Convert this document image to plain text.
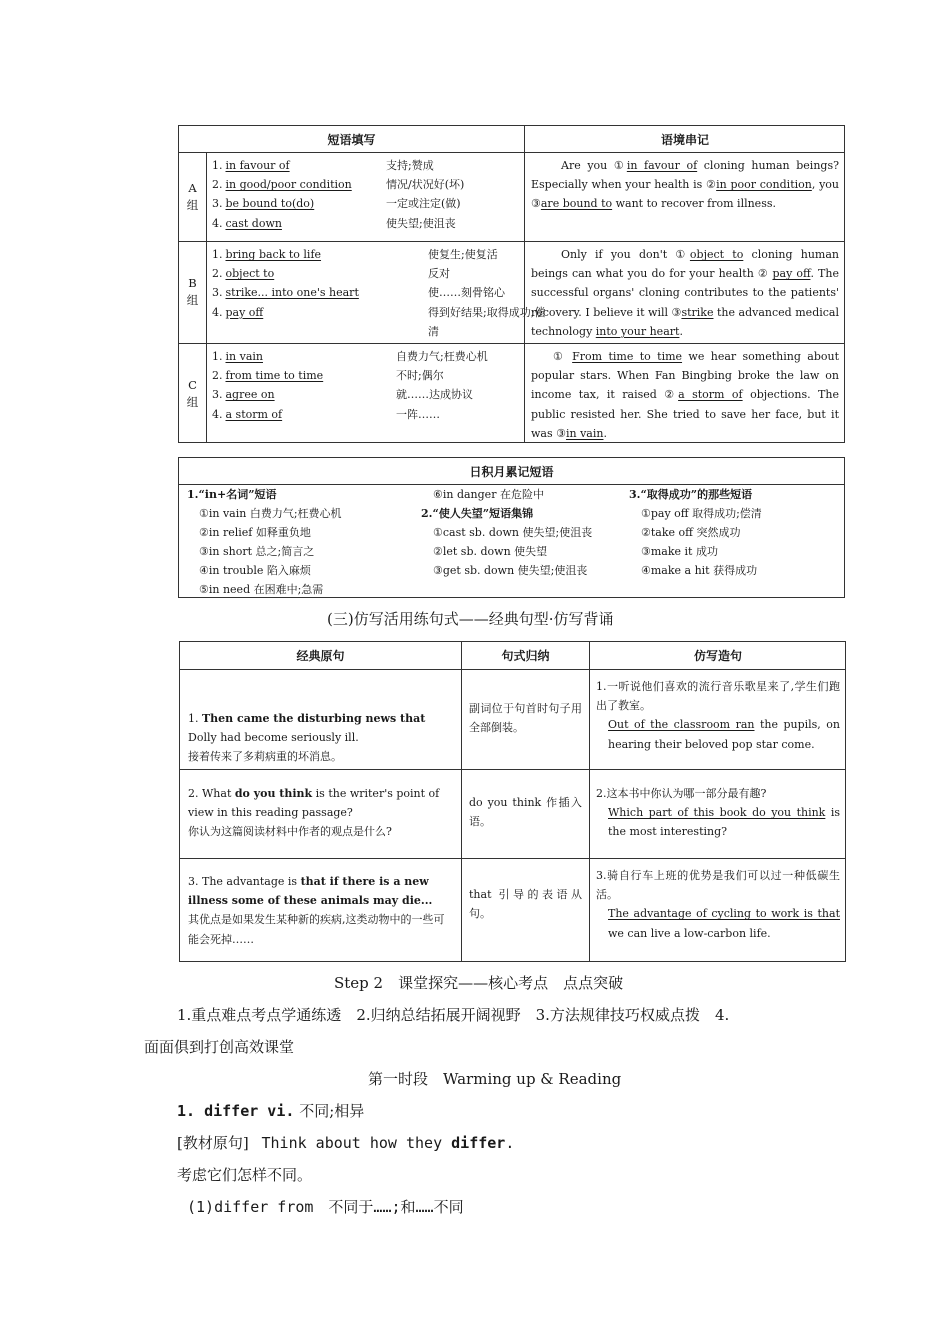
短语填写	语境串记
A组
1. in favour of	支持;赞成
2. in good/poor condition	情况/状况好(坏)
3. be bound to(do)	一定或注定(做)
4. cast down	使失望;使沮丧
Are you ①in favour of cloning human beings? Especially when your health is ②in poor condition, you ③are bound to want to recover from illness.
B组
1. bring back to life	使复生;使复活
2. object to	反对
3. strike... into one's heart	使……刻骨铭心
4. pay off	得到好结果;取得成功;偿清
Only if you don't ①object to cloning human beings can what you do for your health ② pay off. The successful organs' cloning contributes to the patients' recovery. I believe it will ③strike the advanced medical technology into your heart.
C组
1. in vain	自费力气;枉费心机
2. from time to time	不时;偶尔
3. agree on	就……达成协议
4. a storm of	一阵……
① From time to time we hear something about popular stars. When Fan Bingbing broke the law on income tax, it raised ②a storm of objections. The public resisted her. She tried to save her face, but it was ③in vain.
日积月累记短语
1.“in+名词”短语
①in vain 白费力气;枉费心机
②in relief 如释重负地
③in short 总之;简言之
④in trouble 陷入麻烦
⑤in need 在困难中;急需
⑥in danger 在危险中
2.“使人失望”短语集锦
①cast sb. down 使失望;使沮丧
②let sb. down 使失望
③get sb. down 使失望;使沮丧
3.“取得成功”的那些短语
①pay off 取得成功;偿清
②take off 突然成功
③make it 成功
④make a hit 获得成功
(三)仿写活用练句式——经典句型·仿写背诵
经典原句	句式归纳	仿写造句
1. Then came the disturbing news that Dolly had become seriously ill.
接着传来了多莉病重的坏消息。
副词位于句首时句子用全部倒装。
1.一听说他们喜欢的流行音乐歌星来了,学生们跑出了教室。
Out of the classroom ran the pupils, on hearing their beloved pop star come.
2. What do you think is the writer's point of view in this reading passage?
你认为这篇阅读材料中作者的观点是什么?
do you think 作插入语。
2.这本书中你认为哪一部分最有趣?
Which part of this book do you think is the most interesting?
3. The advantage is that if there is a new illness some of these animals may die...
其优点是如果发生某种新的疾病,这类动物中的一些可能会死掉……
that 引导的表语从句。
3.骑自行车上班的优势是我们可以过一种低碳生活。
The advantage of cycling to work is that we can live a low-carbon life.
Step 2　课堂探究——核心考点　点点突破
1.重点难点考点学通练透　2.归纳总结拓展开阔视野　3.方法规律技巧权威点拨　4.
面面俱到打创高效课堂
第一时段　Warming up & Reading
1. differ vi. 不同;相异
[教材原句] Think about how they differ.
考虑它们怎样不同。
(1)differ from　不同于……;和……不同
